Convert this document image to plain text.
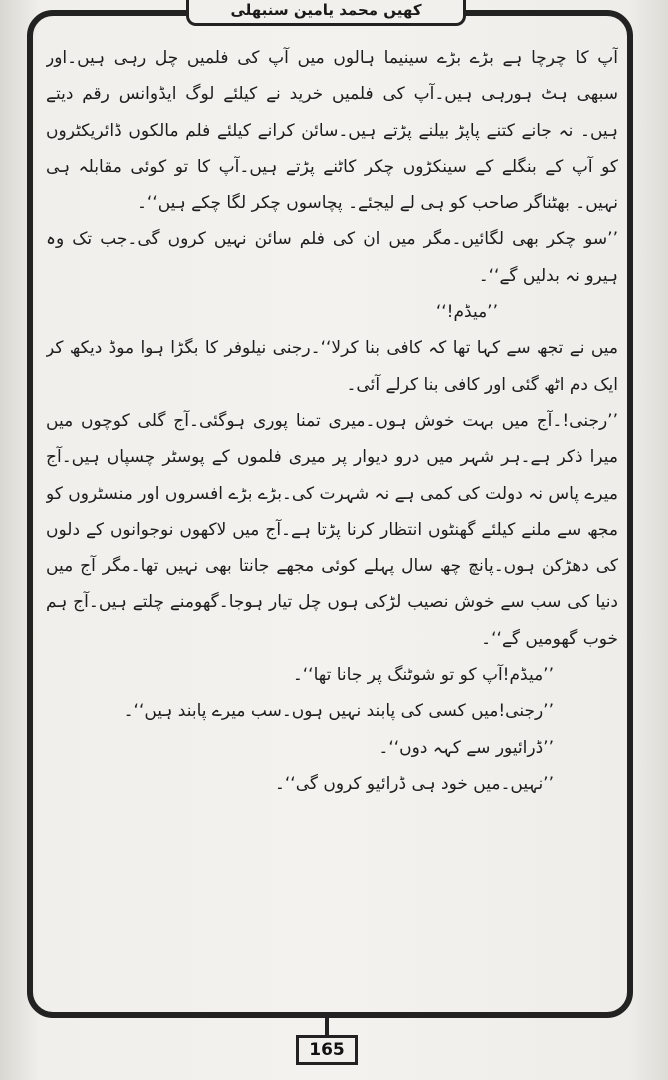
کھیں محمد یامین سنبھلی

آپ کا چرچا ہے بڑے بڑے سینیما ہالوں میں آپ کی فلمیں چل رہی ہیں۔اور سبھی ہٹ ہورہی ہیں۔آپ کی فلمیں خرید نے کیلئے لوگ ایڈوانس رقم دیتے ہیں۔ نہ جانے کتنے پاپڑ بیلنے پڑتے ہیں۔سائن کرانے کیلئے فلم مالکوں ڈائریکٹروں کو آپ کے بنگلے کے سینکڑوں چکر کاٹنے پڑتے ہیں۔آپ کا تو کوئی مقابلہ ہی نہیں۔ بھٹناگر صاحب کو ہی لے لیجئے۔ پچاسوں چکر لگا چکے ہیں‘‘۔

’’سو چکر بھی لگائیں۔مگر میں ان کی فلم سائن نہیں کروں گی۔جب تک وہ ہیرو نہ بدلیں گے‘‘۔

’’میڈم!‘‘

میں نے تجھ سے کہا تھا کہ کافی بنا کرلا‘‘۔رجنی نیلوفر کا بگڑا ہوا موڈ دیکھ کر ایک دم اٹھ گئی اور کافی بنا کرلے آئی۔

’’رجنی!۔آج میں بہت خوش ہوں۔میری تمنا پوری ہوگئی۔آج گلی کوچوں میں میرا ذکر ہے۔ہر شہر میں درو دیوار پر میری فلموں کے پوسٹر چسپاں ہیں۔آج میرے پاس نہ دولت کی کمی ہے نہ شہرت کی۔بڑے بڑے افسروں اور منسٹروں کو مجھ سے ملنے کیلئے گھنٹوں انتظار کرنا پڑتا ہے۔آج میں لاکھوں نوجوانوں کے دلوں کی دھڑکن ہوں۔پانچ چھ سال پہلے کوئی مجھے جانتا بھی نہیں تھا۔مگر آج میں دنیا کی سب سے خوش نصیب لڑکی ہوں چل تیار ہوجا۔گھومنے چلتے ہیں۔آج ہم خوب گھومیں گے‘‘۔

’’میڈم!آپ کو تو شوٹنگ پر جانا تھا‘‘۔

’’رجنی!میں کسی کی پابند نہیں ہوں۔سب میرے پابند ہیں‘‘۔

’’ڈرائیور سے کہہ دوں‘‘۔

’’نہیں۔میں خود ہی ڈرائیو کروں گی‘‘۔

165
